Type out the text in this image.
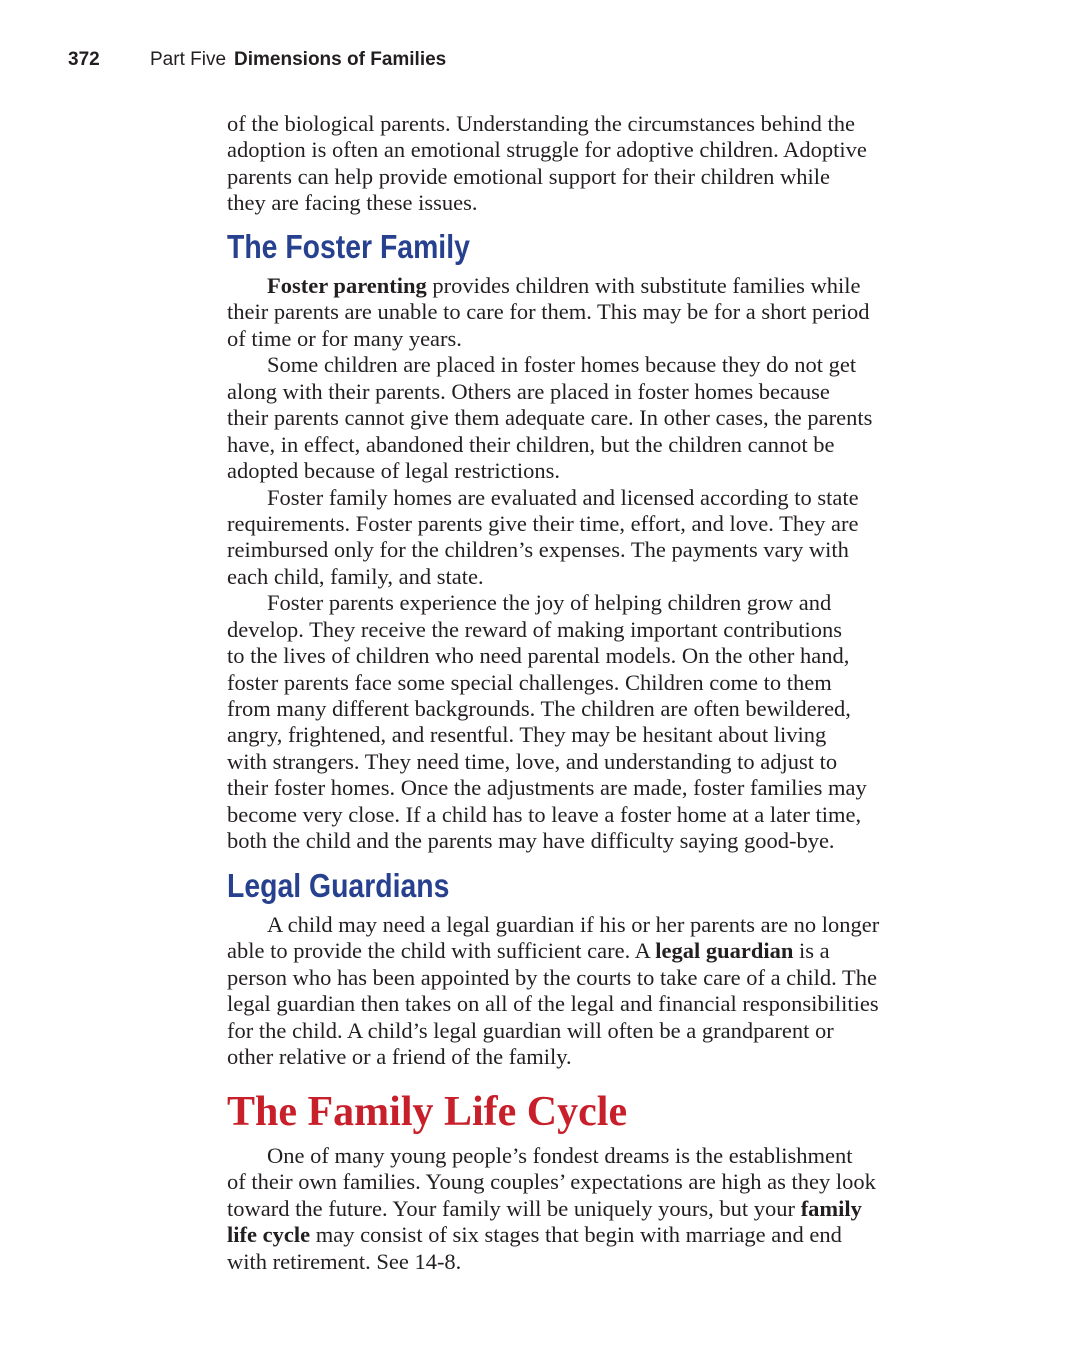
372	Part Five Dimensions of Families
of the biological parents. Understanding the circumstances behind the
adoption is often an emotional struggle for adoptive children. Adoptive
parents can help provide emotional support for their children while
they are facing these issues.
The Foster Family
Foster parenting provides children with substitute families while
their parents are unable to care for them. This may be for a short period
of time or for many years.
Some children are placed in foster homes because they do not get
along with their parents. Others are placed in foster homes because
their parents cannot give them adequate care. In other cases, the parents
have, in effect, abandoned their children, but the children cannot be
adopted because of legal restrictions.
Foster family homes are evaluated and licensed according to state
requirements. Foster parents give their time, effort, and love. They are
reimbursed only for the children’s expenses. The payments vary with
each child, family, and state.
Foster parents experience the joy of helping children grow and
develop. They receive the reward of making important contributions
to the lives of children who need parental models. On the other hand,
foster parents face some special challenges. Children come to them
from many different backgrounds. The children are often bewildered,
angry, frightened, and resentful. They may be hesitant about living
with strangers. They need time, love, and understanding to adjust to
their foster homes. Once the adjustments are made, foster families may
become very close. If a child has to leave a foster home at a later time,
both the child and the parents may have difficulty saying good-bye.
Legal Guardians
A child may need a legal guardian if his or her parents are no longer
able to provide the child with sufficient care. A legal guardian is a
person who has been appointed by the courts to take care of a child. The
legal guardian then takes on all of the legal and financial responsibilities
for the child. A child’s legal guardian will often be a grandparent or
other relative or a friend of the family.
The Family Life Cycle
One of many young people’s fondest dreams is the establishment
of their own families. Young couples’ expectations are high as they look
toward the future. Your family will be uniquely yours, but your family
life cycle may consist of six stages that begin with marriage and end
with retirement. See 14-8.
